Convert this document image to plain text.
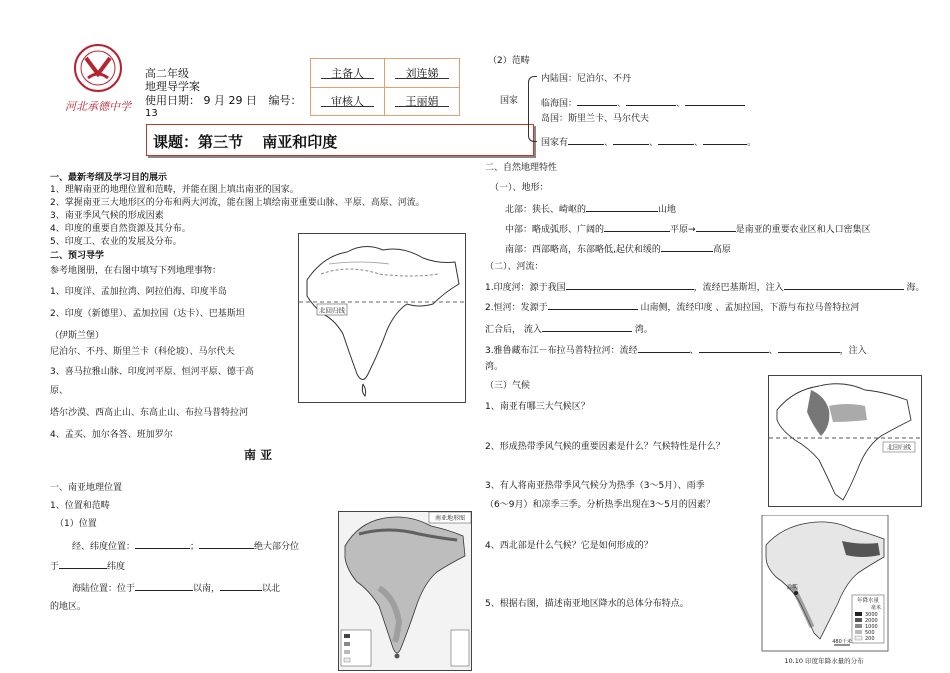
河北承德中学
高二年级
地理导学案
使用日期： 9 月 29 日 编号：
13
主备人	刘连娣
审核人	王丽娟
课题：第三节 南亚和印度
一、最新考纲及学习目的展示
1、理解南亚的地理位置和范畴，并能在图上填出南亚的国家。
2、掌握南亚三大地形区的分布和两大河流，能在图上填绘南亚重要山脉、平原、高原、河流。
3、南亚季风气候的形成因素
4、印度的重要自然资源及其分布。
5、印度工、农业的发展及分布。
二、预习导学
参考地图册，在右图中填写下列地理事物：
1、印度洋、孟加拉湾、阿拉伯海、印度半岛
2、印度（新德里）、孟加拉国（达卡）、巴基斯坦
（伊斯兰堡）
尼泊尔、不丹、斯里兰卡（科伦坡）、马尔代夫
3、喜马拉雅山脉、印度河平原、恒河平原、德干高
原、
塔尔沙漠、西高止山、东高止山、布拉马普特拉河
4、孟买、加尔各答、班加罗尔
北回归线
南 亚
一、南亚地理位置
1、位置和范畴
（1）位置
经、纬度位置：	；	绝大部分位
于	纬度
海陆位置：位于	以南，	以北
的地区。
南亚地形图
（2）范畴
国家
内陆国：尼泊尔、不丹
临海国：	、	、
岛国：斯里兰卡、马尔代夫
国家有	、	、	、	。
二、自然地理特性
（一）、地形：
北部：狭长、崎岖的	山地
中部：略成弧形、广阔的	平原→	是南亚的重要农业区和人口密集区
南部：西部略高，东部略低,起伏和缓的	高原
（二）、河流：
1.印度河：源于我国	，流经巴基斯坦，注入	海。
2.恒河：发源于	山南侧，流经印度 、孟加拉国，下游与布拉马普特拉河
汇合后， 流入	湾。
3.雅鲁藏布江－布拉马普特拉河：流经	、	、	，注入
湾。
（三）气候
1、南亚有哪三大气候区？
2、形成热带季风气候的重要因素是什么？气候特性是什么？
3、有人将南亚热带季风气候分为热季（3～5月）、雨季
（6～9月）和凉季三季。分析热季出现在3～5月的因素？
4、西北部是什么气候？它是如何形成的？
5、根据右图，描述南亚地区降水的总体分布特点。
北回归线
孟买
年降水量
毫米
3000
2000
1000
500
200
480千米
10.10 印度年降水量的分布
